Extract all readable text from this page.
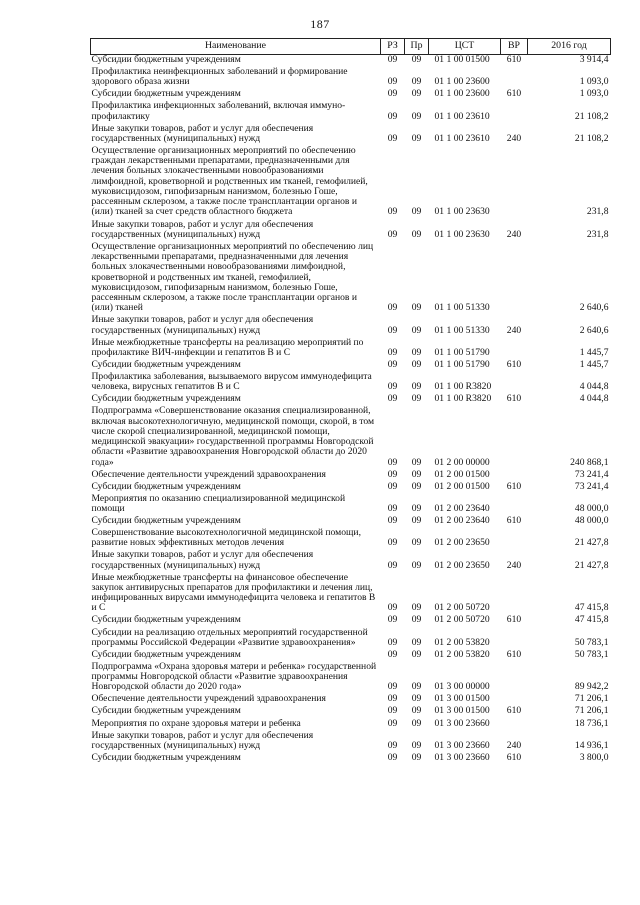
187
Наименование	РЗ	Пр	ЦСТ	ВР	2016 год
Субсидии бюджетным учреждениям	09	09	01 1 00 01500	610	3 914,4
Профилактика неинфекционных заболеваний и формирование здорового образа жизни	09	09	01 1 00 23600		1 093,0
Субсидии бюджетным учреждениям	09	09	01 1 00 23600	610	1 093,0
Профилактика инфекционных заболеваний, включая иммуно-профилактику	09	09	01 1 00 23610		21 108,2
Иные закупки товаров, работ и услуг для обеспечения государственных (муниципальных) нужд	09	09	01 1 00 23610	240	21 108,2
Осуществление организационных мероприятий по обеспечению граждан лекарственными препаратами, предназначенными для лечения больных злокачественными новообразованиями лимфоидной, кроветворной и родственных им тканей, гемофилией, муковисцидозом, гипофизарным нанизмом, болезнью Гоше, рассеянным склерозом, а также после трансплантации органов и (или) тканей за счет средств областного бюджета	09	09	01 1 00 23630		231,8
Иные закупки товаров, работ и услуг для обеспечения государственных (муниципальных) нужд	09	09	01 1 00 23630	240	231,8
Осуществление организационных мероприятий по обеспечению лиц лекарственными препаратами, предназначенными для лечения больных злокачественными новообразованиями лимфоидной, кроветворной и родственных им тканей, гемофилией, муковисцидозом, гипофизарным нанизмом, болезнью Гоше, рассеянным склерозом, а также после трансплантации органов и (или) тканей	09	09	01 1 00 51330		2 640,6
Иные закупки товаров, работ и услуг для обеспечения государственных (муниципальных) нужд	09	09	01 1 00 51330	240	2 640,6
Иные межбюджетные трансферты на реализацию мероприятий по профилактике ВИЧ-инфекции и гепатитов В и С	09	09	01 1 00 51790		1 445,7
Субсидии бюджетным учреждениям	09	09	01 1 00 51790	610	1 445,7
Профилактика заболевания, вызываемого вирусом иммунодефицита человека, вирусных гепатитов В и С	09	09	01 1 00 R3820		4 044,8
Субсидии бюджетным учреждениям	09	09	01 1 00 R3820	610	4 044,8
Подпрограмма «Совершенствование оказания специализированной, включая высокотехнологичную, медицинской помощи, скорой, в том числе скорой специализированной, медицинской помощи, медицинской эвакуации» государственной программы Новгородской области «Развитие здравоохранения Новгородской области до 2020 года»	09	09	01 2 00 00000		240 868,1
Обеспечение деятельности учреждений здравоохранения	09	09	01 2 00 01500		73 241,4
Субсидии бюджетным учреждениям	09	09	01 2 00 01500	610	73 241,4
Мероприятия по оказанию специализированной медицинской помощи	09	09	01 2 00 23640		48 000,0
Субсидии бюджетным учреждениям	09	09	01 2 00 23640	610	48 000,0
Совершенствование высокотехнологичной медицинской помощи, развитие новых эффективных методов лечения	09	09	01 2 00 23650		21 427,8
Иные закупки товаров, работ и услуг для обеспечения государственных (муниципальных) нужд	09	09	01 2 00 23650	240	21 427,8
Иные межбюджетные трансферты на финансовое обеспечение закупок антивирусных препаратов для профилактики и лечения лиц, инфицированных вирусами иммунодефицита человека и гепатитов В и С	09	09	01 2 00 50720		47 415,8
Субсидии бюджетным учреждениям	09	09	01 2 00 50720	610	47 415,8
Субсидии на реализацию отдельных мероприятий государственной программы Российской Федерации «Развитие здравоохранения»	09	09	01 2 00 53820		50 783,1
Субсидии бюджетным учреждениям	09	09	01 2 00 53820	610	50 783,1
Подпрограмма «Охрана здоровья матери и ребенка» государственной программы Новгородской области «Развитие здравоохранения Новгородской области до 2020 года»	09	09	01 3 00 00000		89 942,2
Обеспечение деятельности учреждений здравоохранения	09	09	01 3 00 01500		71 206,1
Субсидии бюджетным учреждениям	09	09	01 3 00 01500	610	71 206,1
Мероприятия по охране здоровья матери и ребенка	09	09	01 3 00 23660		18 736,1
Иные закупки товаров, работ и услуг для обеспечения государственных (муниципальных) нужд	09	09	01 3 00 23660	240	14 936,1
Субсидии бюджетным учреждениям	09	09	01 3 00 23660	610	3 800,0
